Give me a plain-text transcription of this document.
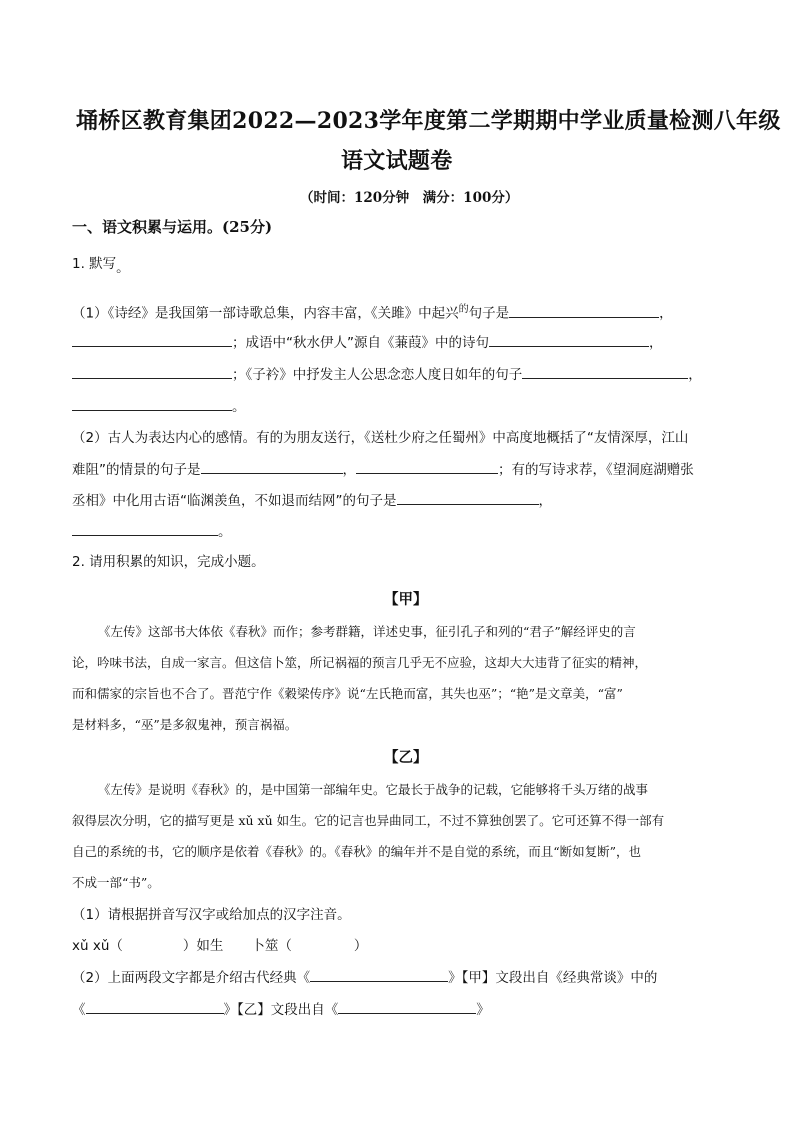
埇桥区教育集团2022—2023学年度第二学期期中学业质量检测八年级
语文试题卷
（时间：120分钟　满分：100分）
一、语文积累与运用。(25分)
1. 默写。
（1）《诗经》是我国第一部诗歌总集，内容丰富，《关雎》中起兴$^的$句子是	，
；成语中“秋水伊人”源自《蒹葭》中的诗句	，
；《子衿》中抒发主人公思念恋人度日如年的句子	，
。
（2）古人为表达内心的感情。有的为朋友送行，《送杜少府之任蜀州》中高度地概括了“友情深厚，江山
难阻”的情景的句子是	，	；有的写诗求荐，《望洞庭湖赠张
丞相》中化用古语“临渊羡鱼，不如退而结网”的句子是	，
。
2. 请用积累的知识，完成小题。
【甲】
《左传》这部书大体依《春秋》而作；参考群籍，详述史事，征引孔子和列的“君子”解经评史的言
论，吟味书法，自成一家言。但这信卜筮，所记祸福的预言几乎无不应验，这却大大违背了征实的精神，
而和儒家的宗旨也不合了。晋范宁作《穀梁传序》说“左氏艳而富，其失也巫”；“艳”是文章美，“富”
是材料多，“巫”是多叙鬼神，预言祸福。
【乙】
《左传》是说明《春秋》的，是中国第一部编年史。它最长于战争的记载，它能够将千头万绪的战事
叙得层次分明，它的描写更是 xǔ xǔ 如生。它的记言也异曲同工，不过不算独创罢了。它可还算不得一部有
自己的系统的书，它的顺序是依着《春秋》的。《春秋》的编年并不是自觉的系统，而且“断如复断”，也
不成一部“书”。
（1）请根据拼音写汉字或给加点的汉字注音。
xǔ xǔ（	）如生 卜筮（	）
（2）上面两段文字都是介绍古代经典《	》【甲】文段出自《经典常谈》中的
《	》【乙】文段出自《	》
